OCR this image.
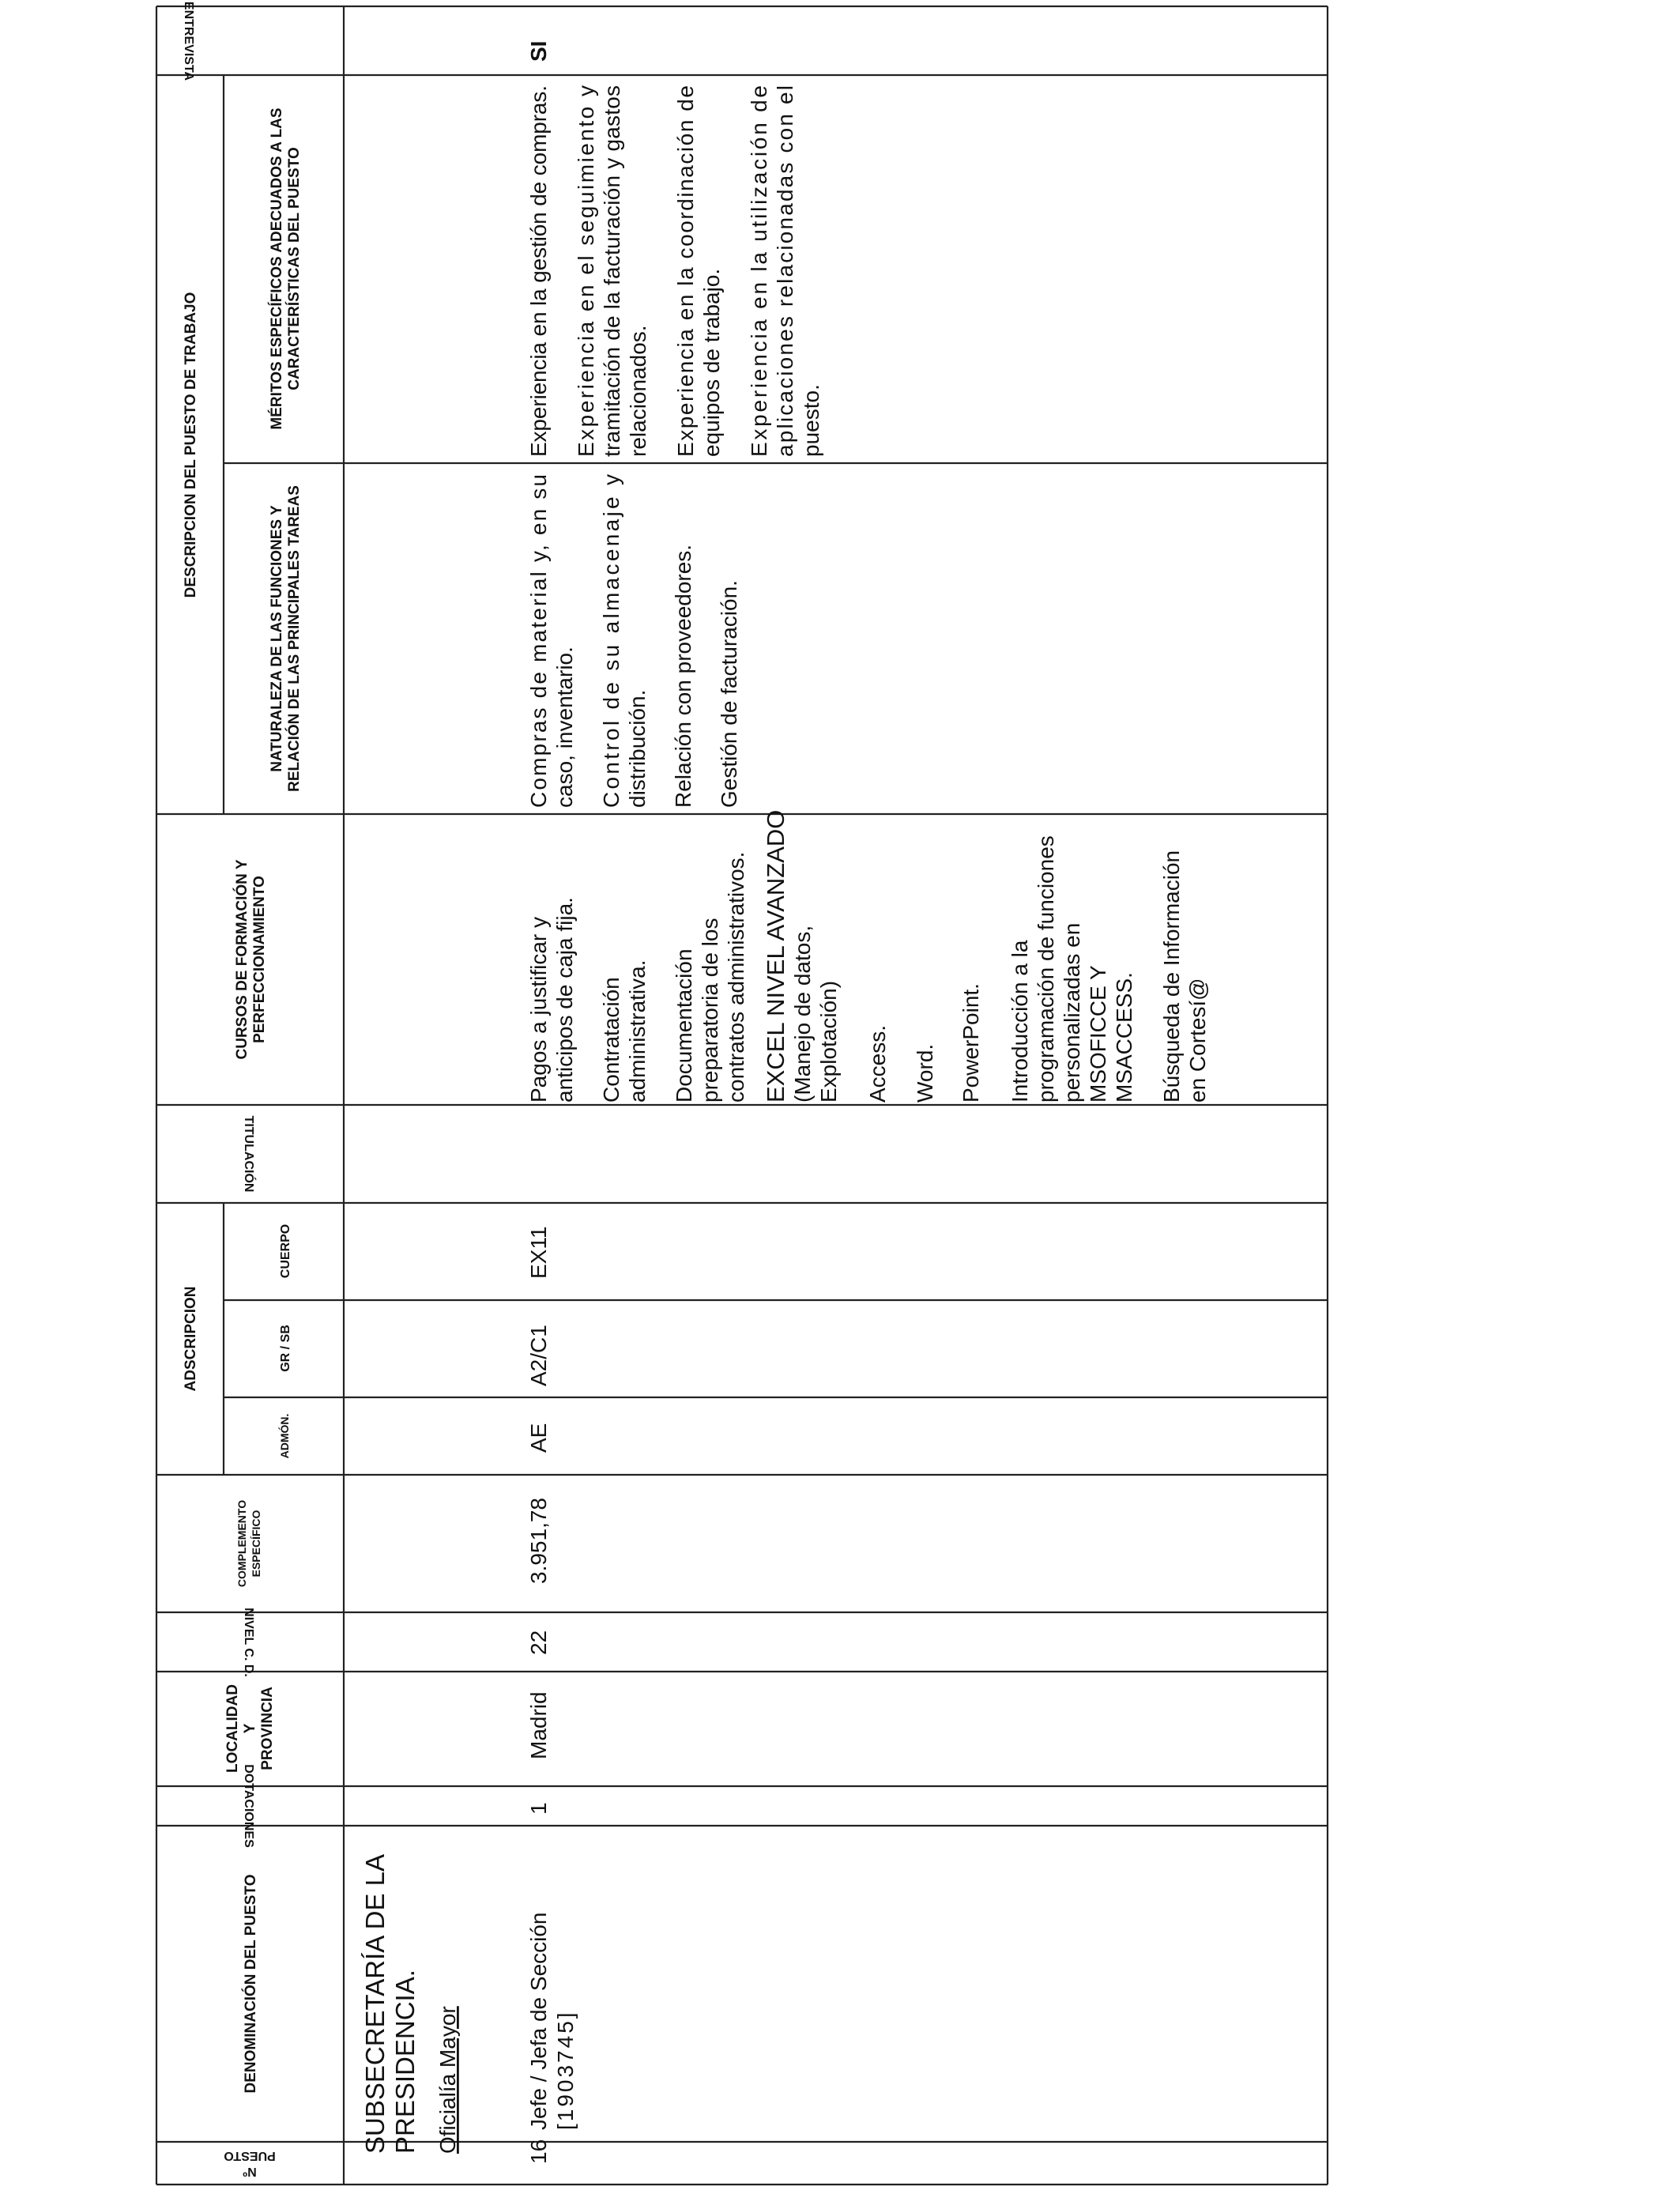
Nº
PUESTO
DENOMINACIÓN DEL PUESTO
DOTACIONES
LOCALIDAD Y PROVINCIA
NIVEL C. D.
COMPLEMENTO ESPECÍFICO
ADSCRIPCION
ADMÓN.
GR / SB
CUERPO
TITULACIÓN
CURSOS DE FORMACIÓN Y PERFECCIONAMIENTO
DESCRIPCION DEL PUESTO DE TRABAJO
NATURALEZA DE LAS FUNCIONES Y RELACIÓN DE LAS PRINCIPALES TAREAS
MÉRITOS ESPECÍFICOS ADECUADOS A LAS CARACTERÍSTICAS DEL PUESTO
ENTREVISTA
SUBSECRETARÍA DE LA PRESIDENCIA. Oficialía Mayor	16
Jefe / Jefa de Sección [1903745]
1
Madrid
22
3.951,78
AE
A2/C1
EX11
Pagos a justificar y anticipos de caja fija. Contratación administrativa. Documentación preparatoria de los contratos administrativos. EXCEL NIVEL AVANZADO (Manejo de datos, Explotación) Access. Word. PowerPoint. Introducción a la programación de funciones personalizadas en MSOFICCE Y MSACCESS. Búsqueda de Información en Cortesí@
Compras de material y, en su
caso, inventario. Control de su almacenaje y
distribución. Relación con proveedores. Gestión de facturación.
Experiencia en la gestión de compras.
Experiencia en el seguimiento y
tramitación de la facturación y gastos
relacionados. Experiencia en la coordinación de
equipos de trabajo. Experiencia en la utilización de
aplicaciones relacionadas con el
puesto.
SI
